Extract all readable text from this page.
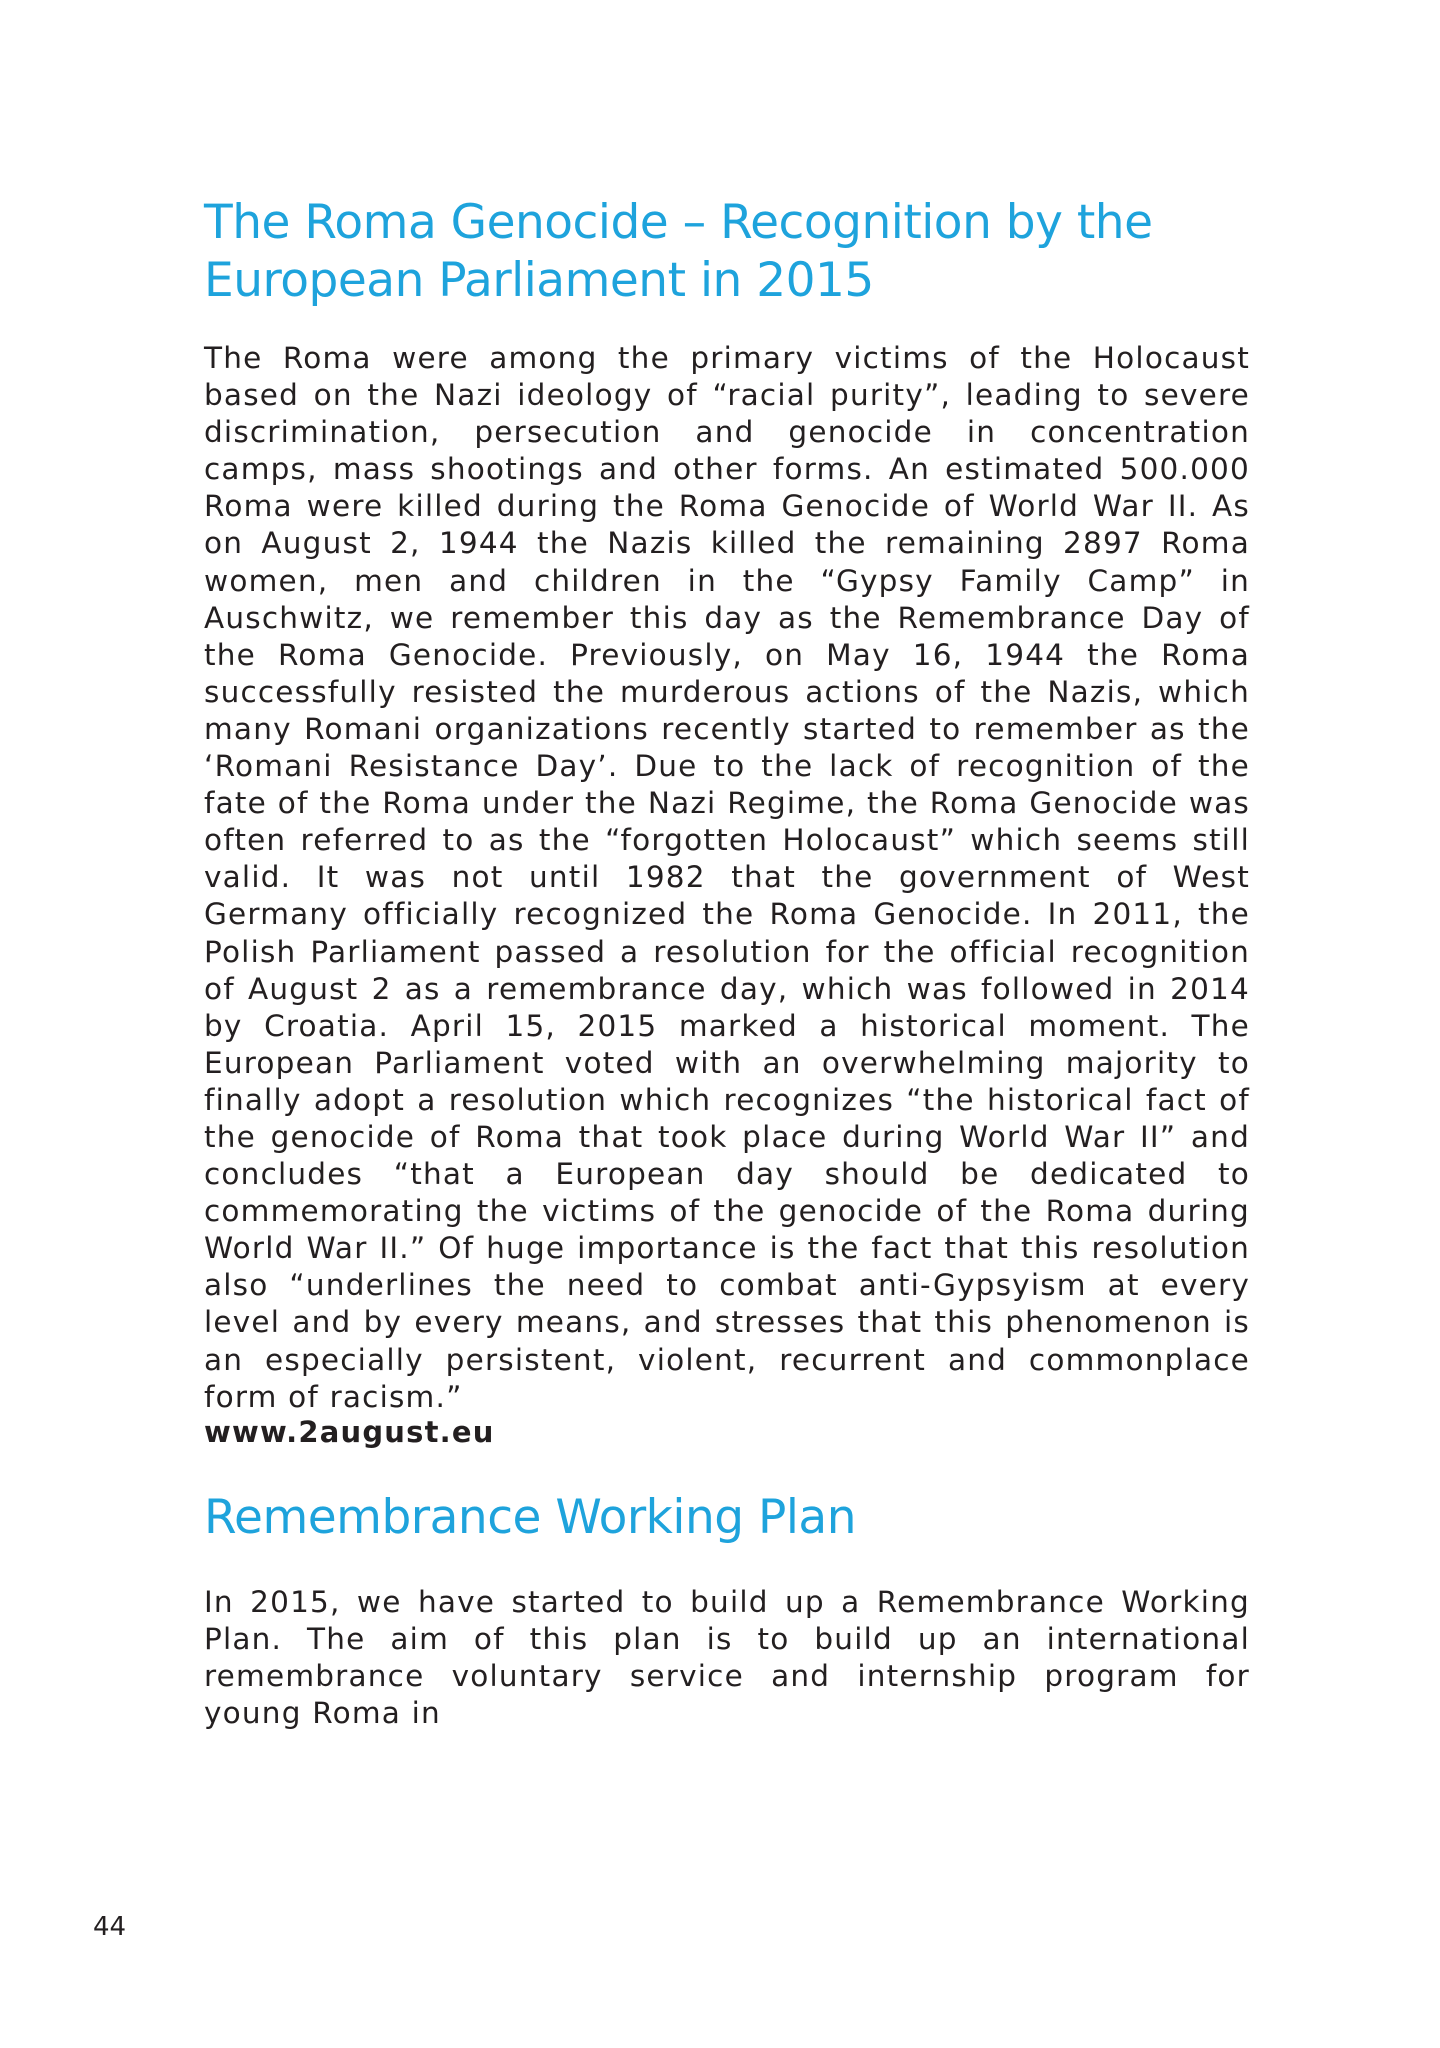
The Roma Genocide – Recognition by the
European Parliament in 2015

The Roma were among the primary victims of the Holocaust based on the Nazi ideology of “racial purity”, leading to severe discrimination, persecution and genocide in concentration camps, mass shootings and other forms. An estimated 500.000 Roma were killed during the Roma Genocide of World War II. As on August 2, 1944 the Nazis killed the remaining 2897 Roma women, men and children in the “Gypsy Family Camp” in Auschwitz, we remember this day as the Remembrance Day of the Roma Genocide. Previously, on May 16, 1944 the Roma successfully resisted the murderous actions of the Nazis, which many Romani organizations recently started to remember as the ‘Romani Resistance Day’. Due to the lack of recognition of the fate of the Roma under the Nazi Regime, the Roma Genocide was often referred to as the “forgotten Holocaust” which seems still valid. It was not until 1982 that the government of West Germany officially recognized the Roma Genocide. In 2011, the Polish Parliament passed a resolution for the official recognition of August 2 as a remembrance day, which was followed in 2014 by Croatia. April 15, 2015 marked a historical moment. The European Parliament voted with an overwhelming majority to finally adopt a resolution which recognizes “the historical fact of the genocide of Roma that took place during World War II” and concludes “that a European day should be dedicated to commemorating the victims of the genocide of the Roma during World War II.” Of huge importance is the fact that this resolution also “underlines the need to combat anti-Gypsyism at every level and by every means, and stresses that this phenomenon is an especially persistent, violent, recurrent and commonplace form of racism.”

www.2august.eu

Remembrance Working Plan

In 2015, we have started to build up a Remembrance Working Plan. The aim of this plan is to build up an international remembrance voluntary service and internship program for young Roma in

44
